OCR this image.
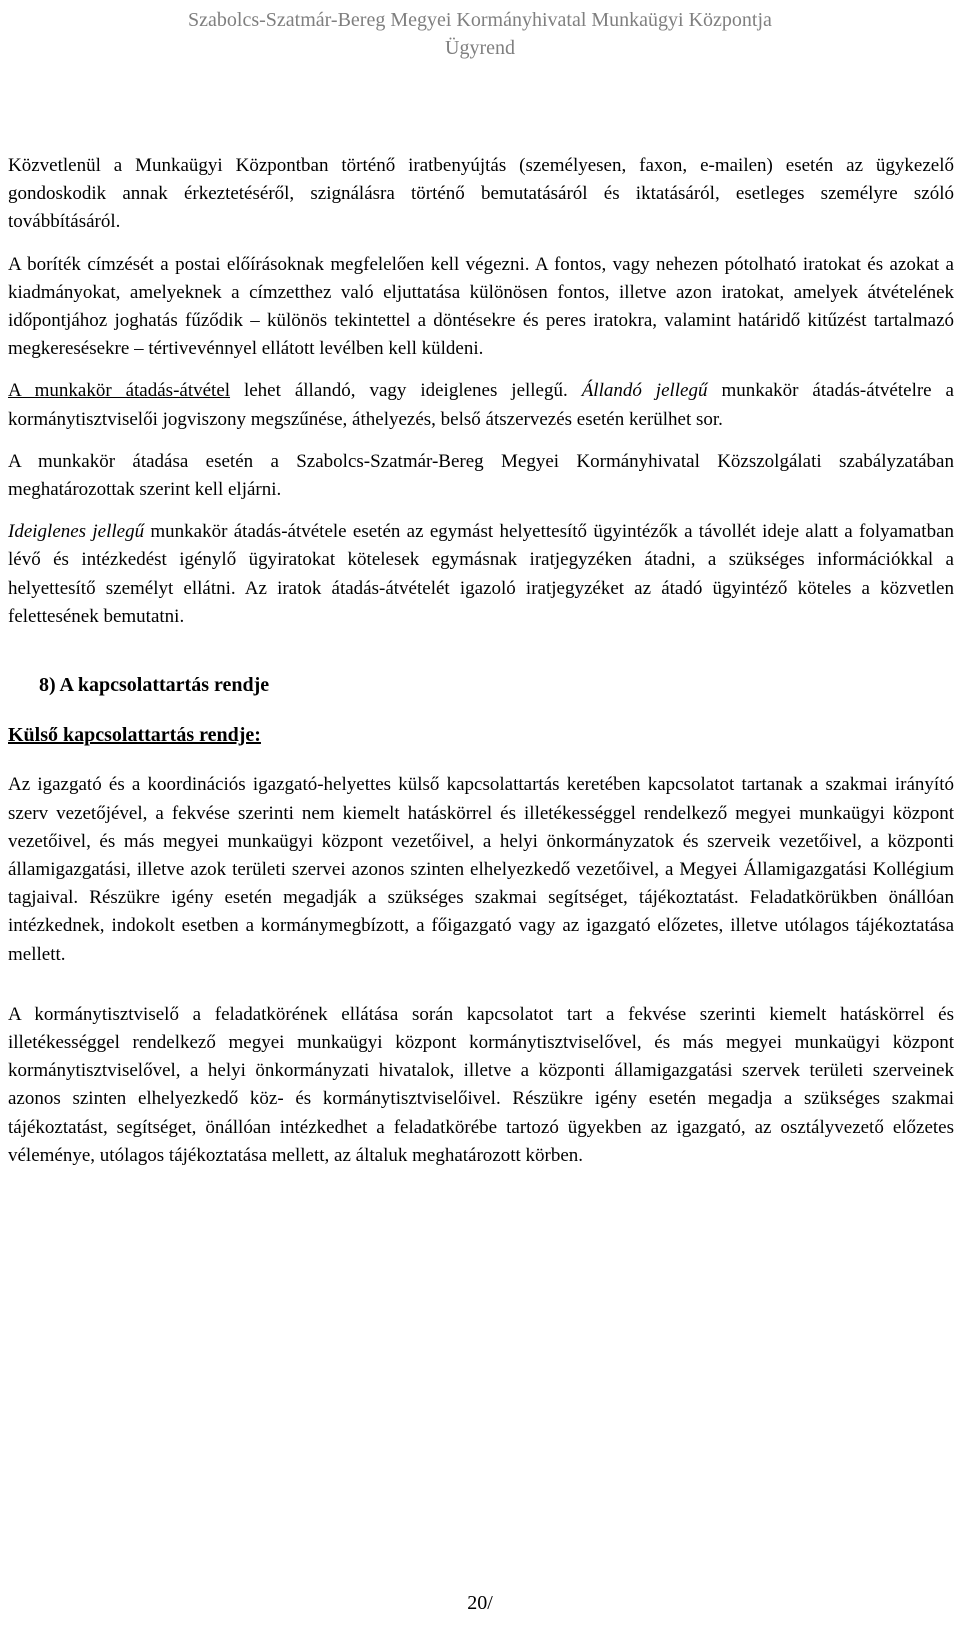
Szabolcs-Szatmár-Bereg Megyei Kormányhivatal Munkaügyi Központja
Ügyrend

Közvetlenül a Munkaügyi Központban történő iratbenyújtás (személyesen, faxon, e-mailen) esetén az ügykezelő gondoskodik annak érkeztetéséről, szignálásra történő bemutatásáról és iktatásáról, esetleges személyre szóló továbbításáról.

A boríték címzését a postai előírásoknak megfelelően kell végezni. A fontos, vagy nehezen pótolható iratokat és azokat a kiadmányokat, amelyeknek a címzetthez való eljuttatása különösen fontos, illetve azon iratokat, amelyek átvételének időpontjához joghatás fűződik – különös tekintettel a döntésekre és peres iratokra, valamint határidő kitűzést tartalmazó megkeresésekre – tértivevénnyel ellátott levélben kell küldeni.

A munkakör átadás-átvétel lehet állandó, vagy ideiglenes jellegű. Állandó jellegű munkakör átadás-átvételre a kormánytisztviselői jogviszony megszűnése, áthelyezés, belső átszervezés esetén kerülhet sor.

A munkakör átadása esetén a Szabolcs-Szatmár-Bereg Megyei Kormányhivatal Közszolgálati szabályzatában meghatározottak szerint kell eljárni.

Ideiglenes jellegű munkakör átadás-átvétele esetén az egymást helyettesítő ügyintézők a távollét ideje alatt a folyamatban lévő és intézkedést igénylő ügyiratokat kötelesek egymásnak iratjegyzéken átadni, a szükséges információkkal a helyettesítő személyt ellátni. Az iratok átadás-átvételét igazoló iratjegyzéket az átadó ügyintéző köteles a közvetlen felettesének bemutatni.

8) A kapcsolattartás rendje
Külső kapcsolattartás rendje:

Az igazgató és a koordinációs igazgató-helyettes külső kapcsolattartás keretében kapcsolatot tartanak a szakmai irányító szerv vezetőjével, a fekvése szerinti nem kiemelt hatáskörrel és illetékességgel rendelkező megyei munkaügyi központ vezetőivel, és más megyei munkaügyi központ vezetőivel, a helyi önkormányzatok és szerveik vezetőivel, a központi államigazgatási, illetve azok területi szervei azonos szinten elhelyezkedő vezetőivel, a Megyei Államigazgatási Kollégium tagjaival. Részükre igény esetén megadják a szükséges szakmai segítséget, tájékoztatást. Feladatkörükben önállóan intézkednek, indokolt esetben a kormánymegbízott, a főigazgató vagy az igazgató előzetes, illetve utólagos tájékoztatása mellett.

A kormánytisztviselő a feladatkörének ellátása során kapcsolatot tart a fekvése szerinti kiemelt hatáskörrel és illetékességgel rendelkező megyei munkaügyi központ kormánytisztviselővel, és más megyei munkaügyi központ kormánytisztviselővel, a helyi önkormányzati hivatalok, illetve a központi államigazgatási szervek területi szerveinek azonos szinten elhelyezkedő köz- és kormánytisztviselőivel. Részükre igény esetén megadja a szükséges szakmai tájékoztatást, segítséget, önállóan intézkedhet a feladatkörébe tartozó ügyekben az igazgató, az osztályvezető előzetes véleménye, utólagos tájékoztatása mellett, az általuk meghatározott körben.

20/
